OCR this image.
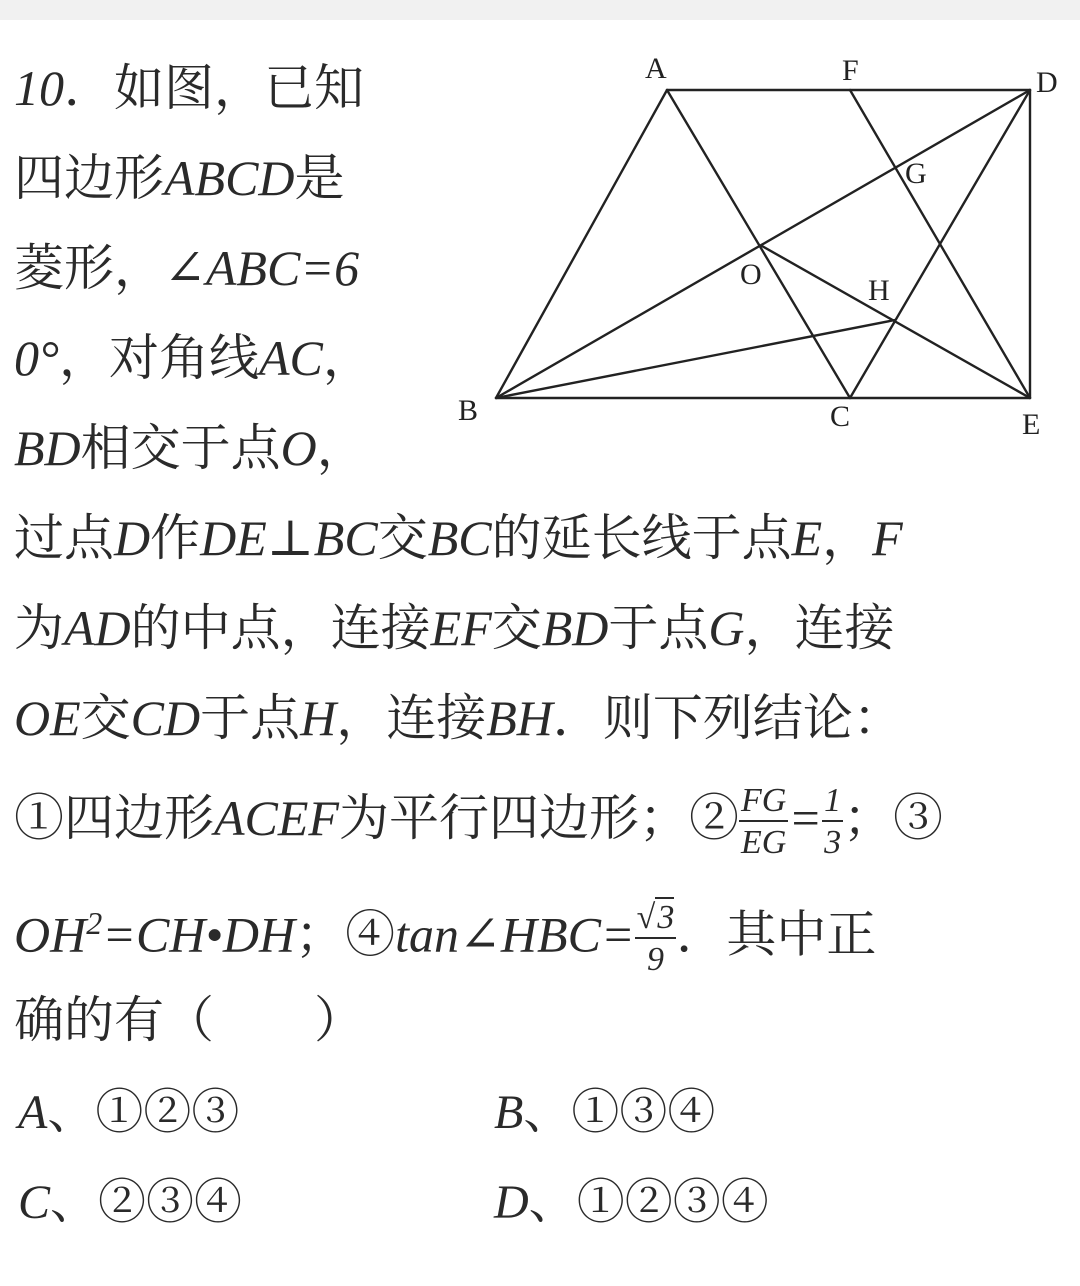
10．如图，已知
四边形ABCD是
菱形，∠ABC=6
0°，对角线AC，
BD相交于点O，
过点D作DE⊥BC交BC的延长线于点E，F
为AD的中点，连接EF交BD于点G，连接
OE交CD于点H，连接BH．则下列结论：
①四边形ACEF为平行四边形；② $\frac{FG}{EG} = \frac{1}{3}$ ；③
$OH^2=CH•DH$；④tan∠HBC= $\frac{√3}{9}$ ．其中正
确的有（　　）
A、①②③	B、①③④
C、②③④	D、①②③④
A	F	D
G
O	H
B	C	E
